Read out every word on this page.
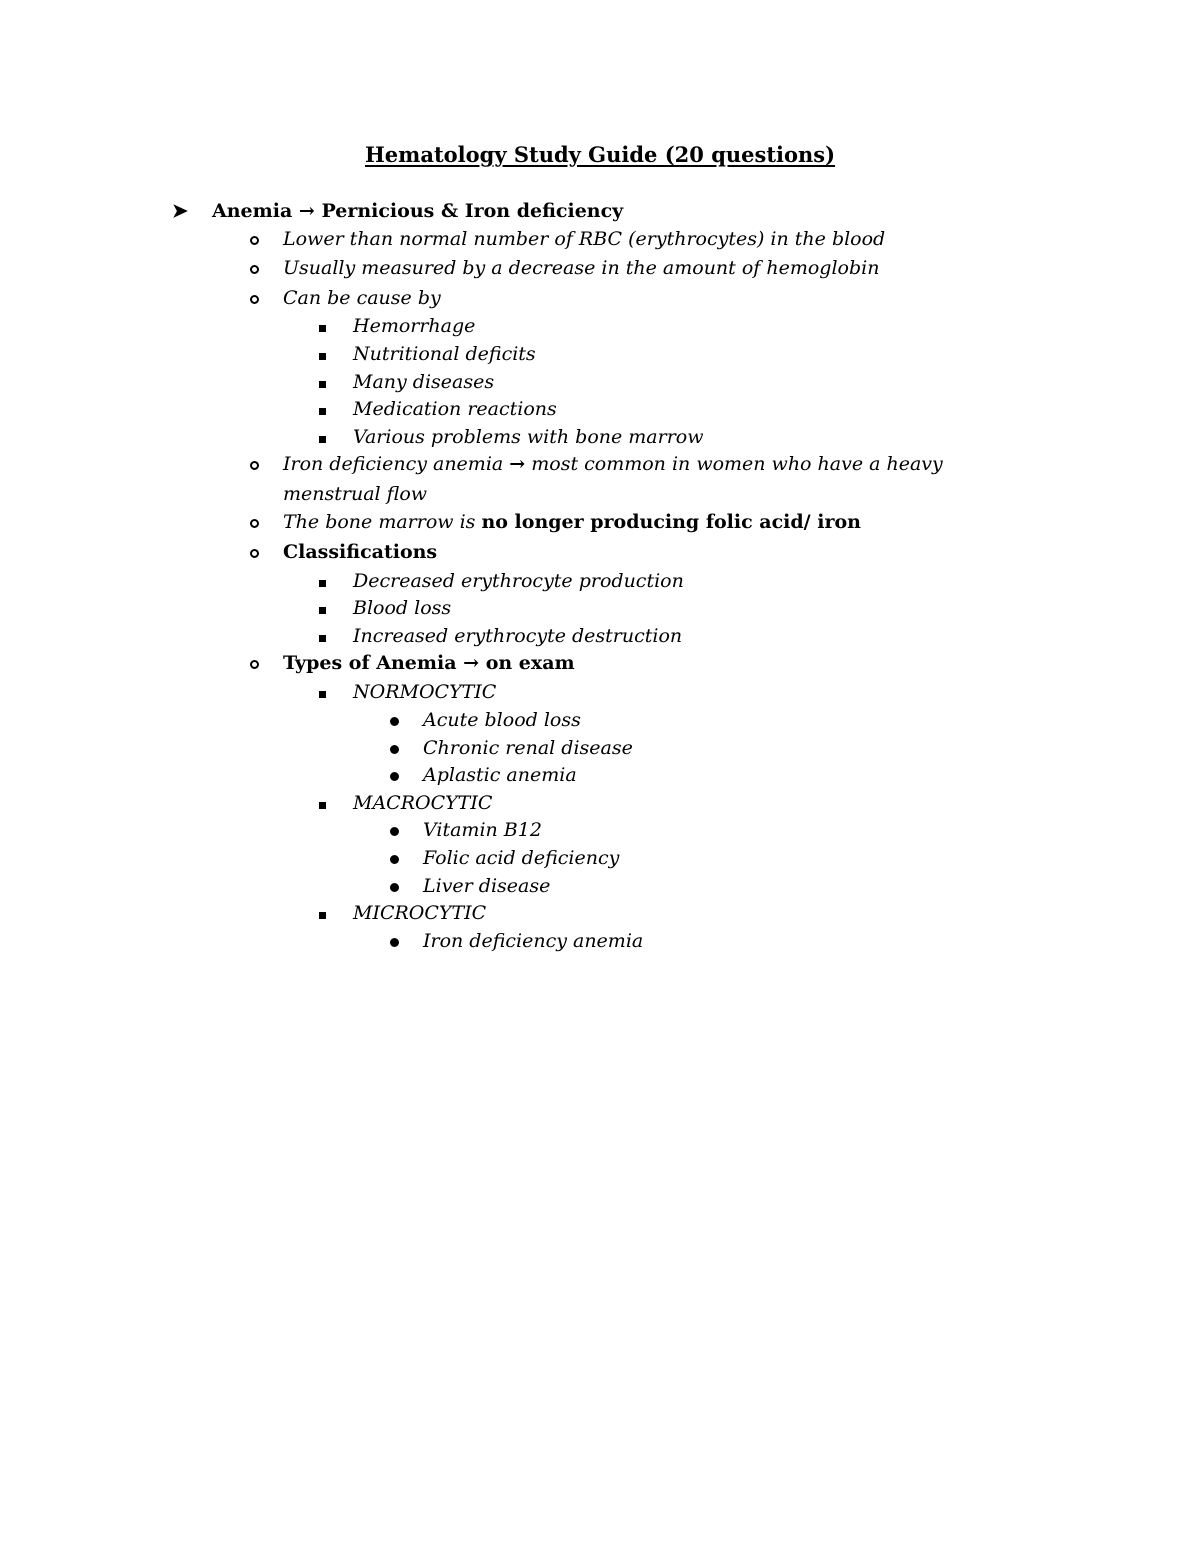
Hematology Study Guide (20 questions)
➤ Anemia → Pernicious & Iron deficiency
Lower than normal number of RBC (erythrocytes) in the blood
Usually measured by a decrease in the amount of hemoglobin
Can be cause by
Hemorrhage
Nutritional deficits
Many diseases
Medication reactions
Various problems with bone marrow
Iron deficiency anemia → most common in women who have a heavy
menstrual flow
The bone marrow is no longer producing folic acid/ iron
Classifications
Decreased erythrocyte production
Blood loss
Increased erythrocyte destruction
Types of Anemia → on exam
NORMOCYTIC
Acute blood loss
Chronic renal disease
Aplastic anemia
MACROCYTIC
Vitamin B12
Folic acid deficiency
Liver disease
MICROCYTIC
Iron deficiency anemia
